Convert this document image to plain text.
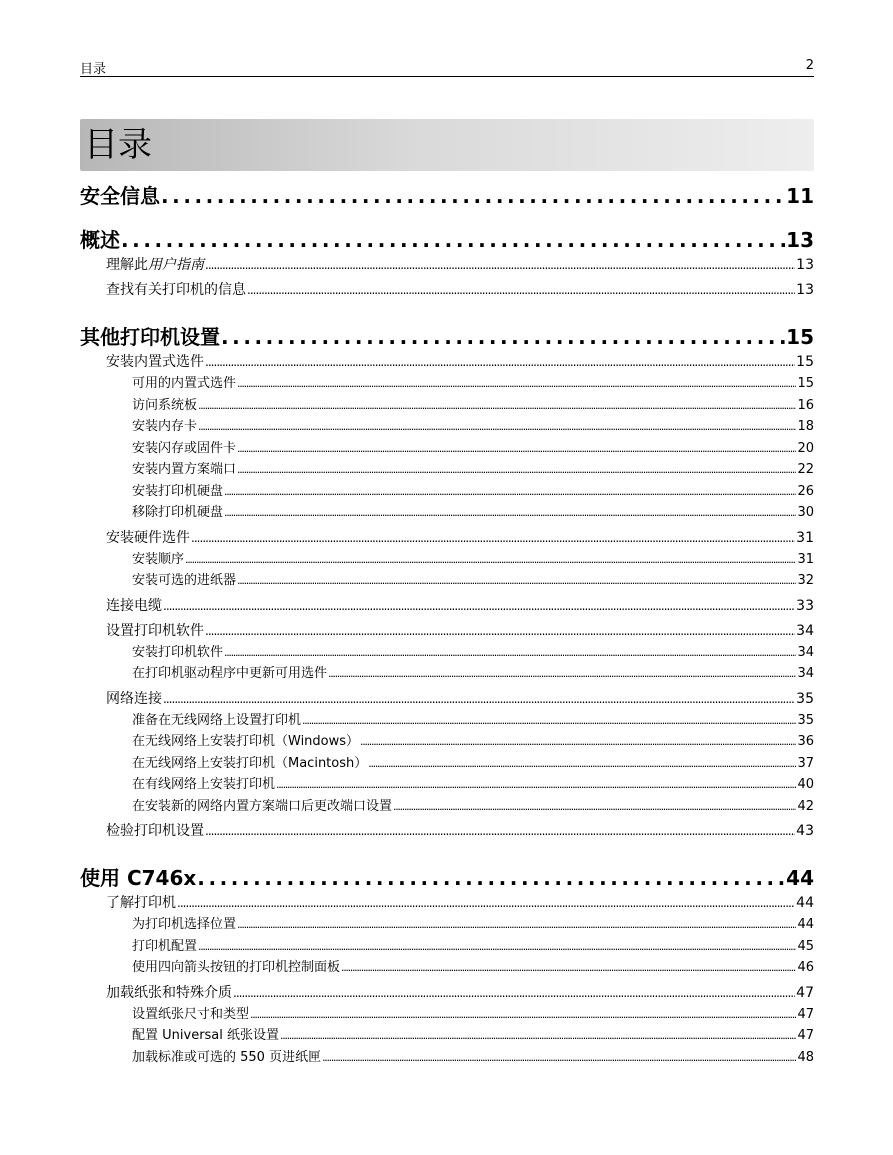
目录	2
目录
安全信息 . . .	11
概述 . . .	13
理解此用户指南 . . .	13
查找有关打印机的信息 . . .	13
其他打印机设置 . . .	15
安装内置式选件 . . .	15
可用的内置式选件 . . .	15
访问系统板 . . .	16
安装内存卡 . . .	18
安装闪存或固件卡 . . .	20
安装内置方案端口 . . .	22
安装打印机硬盘 . . .	26
移除打印机硬盘 . . .	30
安装硬件选件 . . .	31
安装顺序 . . .	31
安装可选的进纸器 . . .	32
连接电缆 . . .	33
设置打印机软件 . . .	34
安装打印机软件 . . .	34
在打印机驱动程序中更新可用选件 . . .	34
网络连接 . . .	35
准备在无线网络上设置打印机 . . .	35
在无线网络上安装打印机（Windows） . . .	36
在无线网络上安装打印机（Macintosh） . . .	37
在有线网络上安装打印机 . . .	40
在安装新的网络内置方案端口后更改端口设置 . . .	42
检验打印机设置 . . .	43
使用 C746x . . .	44
了解打印机 . . .	44
为打印机选择位置 . . .	44
打印机配置 . . .	45
使用四向箭头按钮的打印机控制面板 . . .	46
加载纸张和特殊介质 . . .	47
设置纸张尺寸和类型 . . .	47
配置 Universal 纸张设置 . . .	47
加载标准或可选的 550 页进纸匣 . . .	48
